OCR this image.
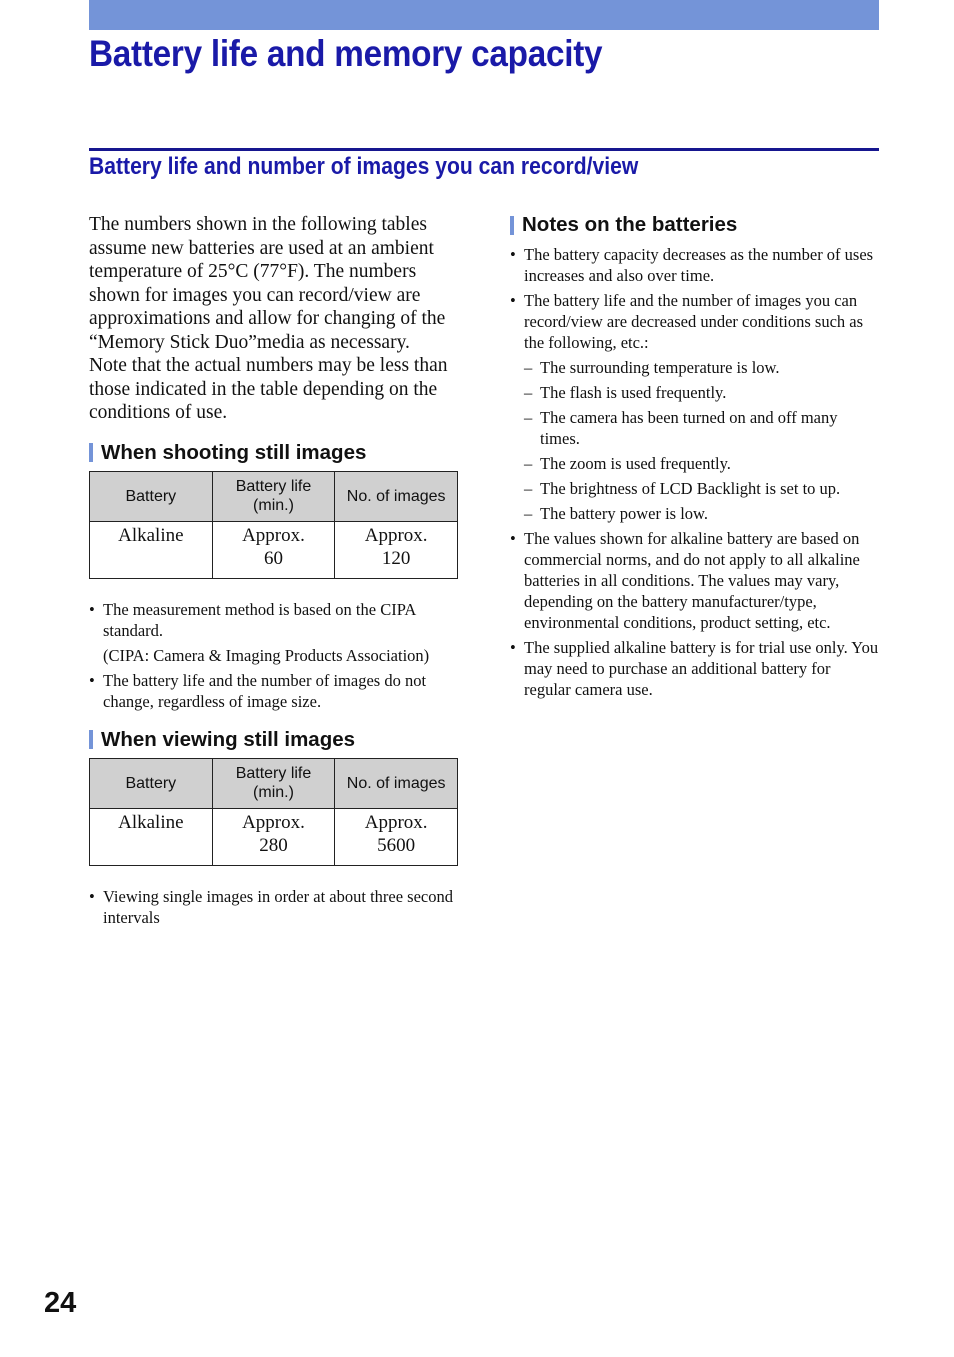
Battery life and memory capacity
Battery life and number of images you can record/view

The numbers shown in the following tables assume new batteries are used at an ambient temperature of 25°C (77°F). The numbers shown for images you can record/view are approximations and allow for changing of the “Memory Stick Duo”media as necessary.

Note that the actual numbers may be less than those indicated in the table depending on the conditions of use.

When shooting still images
Battery	Battery life (min.)	No. of images
Alkaline	Approx. 60	Approx. 120
• The measurement method is based on the CIPA standard.
(CIPA: Camera & Imaging Products Association)
• The battery life and the number of images do not change, regardless of image size.
When viewing still images
Battery	Battery life (min.)	No. of images
Alkaline	Approx. 280	Approx. 5600
• Viewing single images in order at about three second intervals
Notes on the batteries
• The battery capacity decreases as the number of uses increases and also over time.
• The battery life and the number of images you can record/view are decreased under conditions such as the following, etc.:
– The surrounding temperature is low.
– The flash is used frequently.
– The camera has been turned on and off many times.
– The zoom is used frequently.
– The brightness of LCD Backlight is set to up.
– The battery power is low.
• The values shown for alkaline battery are based on commercial norms, and do not apply to all alkaline batteries in all conditions. The values may vary, depending on the battery manufacturer/type, environmental conditions, product setting, etc.
• The supplied alkaline battery is for trial use only. You may need to purchase an additional battery for regular camera use.
24
